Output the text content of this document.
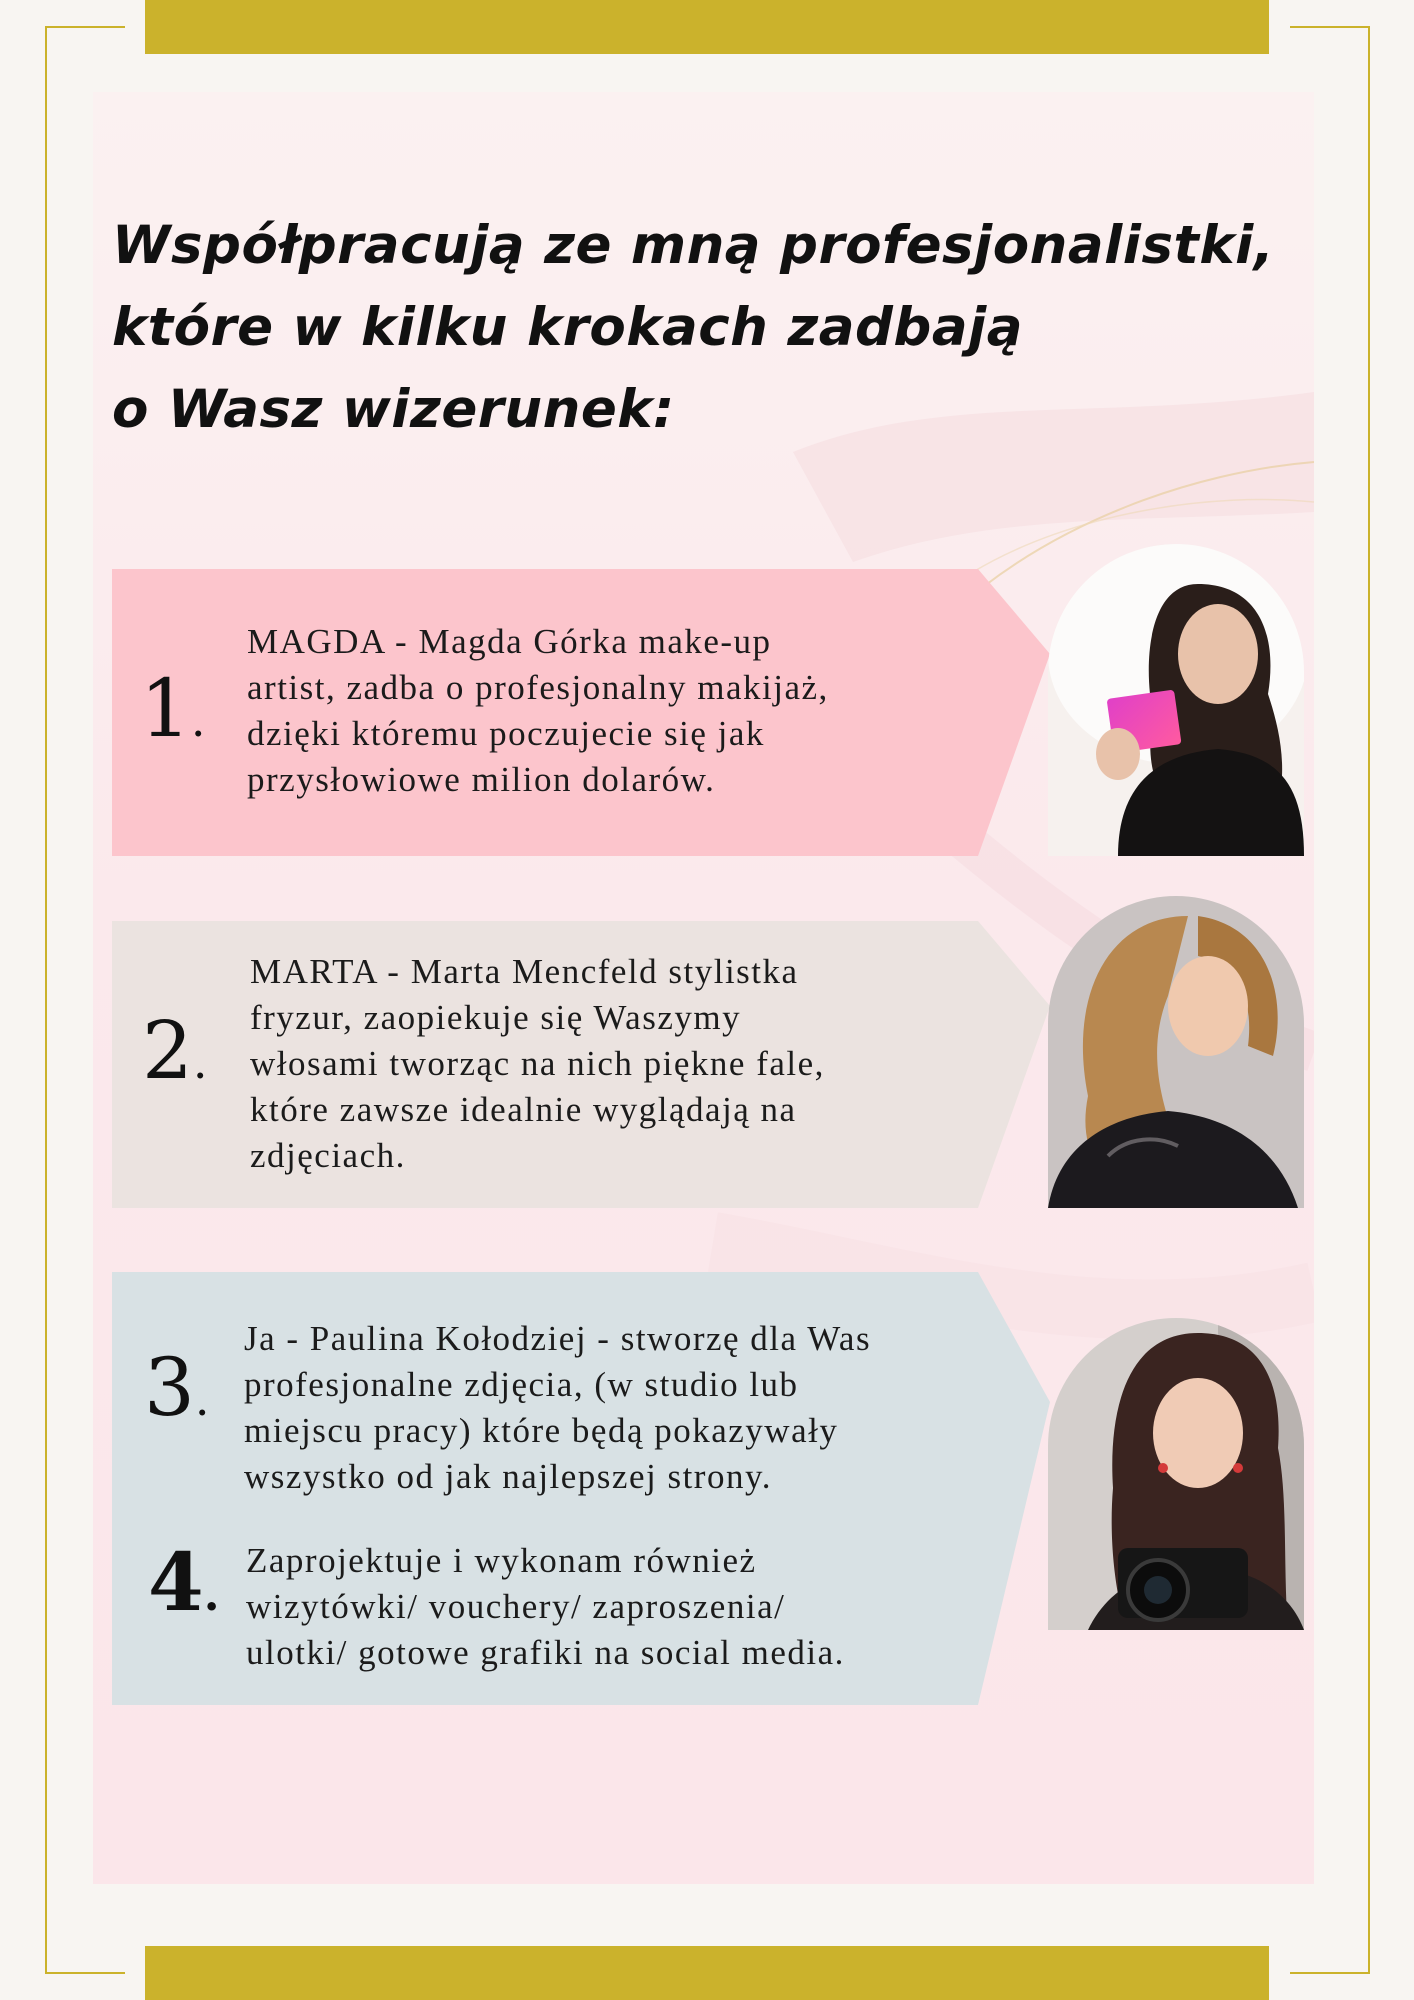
Współpracują ze mną profesjonalistki,
które w kilku krokach zadbają
o Wasz wizerunek:
1.
MAGDA - Magda Górka make-up
artist, zadba o profesjonalny makijaż,
dzięki któremu poczujecie się jak
przysłowiowe milion dolarów.
2.
MARTA - Marta Mencfeld stylistka
fryzur, zaopiekuje się Waszymy
włosami tworząc na nich piękne fale,
które zawsze idealnie wyglądają na
zdjęciach.
3.
Ja - Paulina Kołodziej - stworzę dla Was
profesjonalne zdjęcia, (w studio lub
miejscu pracy) które będą pokazywały
wszystko od jak najlepszej strony.
4.
Zaprojektuje i wykonam również
wizytówki/ vouchery/ zaproszenia/
ulotki/ gotowe grafiki na social media.
